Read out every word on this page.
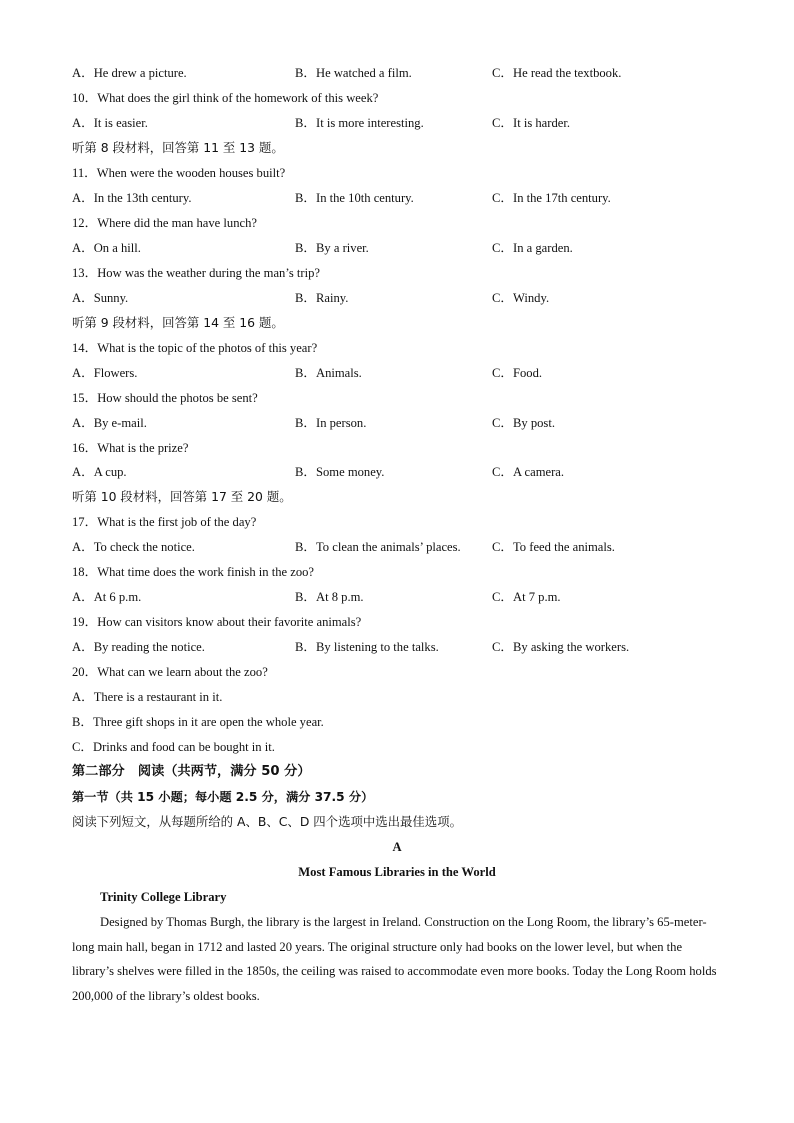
A．He drew a picture.	B．He watched a film.	C．He read the textbook.
10．What does the girl think of the homework of this week?
A．It is easier.	B．It is more interesting.	C．It is harder.
听第 8 段材料，回答第 11 至 13 题。
11．When were the wooden houses built?
A．In the 13th century.	B．In the 10th century.	C．In the 17th century.
12．Where did the man have lunch?
A．On a hill.	B．By a river.	C．In a garden.
13．How was the weather during the man’s trip?
A．Sunny.	B．Rainy.	C．Windy.
听第 9 段材料，回答第 14 至 16 题。
14．What is the topic of the photos of this year?
A．Flowers.	B．Animals.	C．Food.
15．How should the photos be sent?
A．By e-mail.	B．In person.	C．By post.
16．What is the prize?
A．A cup.	B．Some money.	C．A camera.
听第 10 段材料，回答第 17 至 20 题。
17．What is the first job of the day?
A．To check the notice.	B．To clean the animals’ places. C．To feed the animals.
18．What time does the work finish in the zoo?
A．At 6 p.m.	B．At 8 p.m.	C．At 7 p.m.
19．How can visitors know about their favorite animals?
A．By reading the notice.	B．By listening to the talks.	C．By asking the workers.
20．What can we learn about the zoo?
A．There is a restaurant in it.
B．Three gift shops in it are open the whole year.
C．Drinks and food can be bought in it.
第二部分　阅读（共两节，满分 50 分）
第一节（共 15 小题；每小题 2.5 分，满分 37.5 分）
阅读下列短文，从每题所给的 A、B、C、D 四个选项中选出最佳选项。
A
Most Famous Libraries in the World
Trinity College Library
Designed by Thomas Burgh, the library is the largest in Ireland. Construction on the Long Room, the library’s 65-meter-long main hall, began in 1712 and lasted 20 years. The original structure only had books on the lower level, but when the library’s shelves were filled in the 1850s, the ceiling was raised to accommodate even more books. Today the Long Room holds 200,000 of the library’s oldest books.
